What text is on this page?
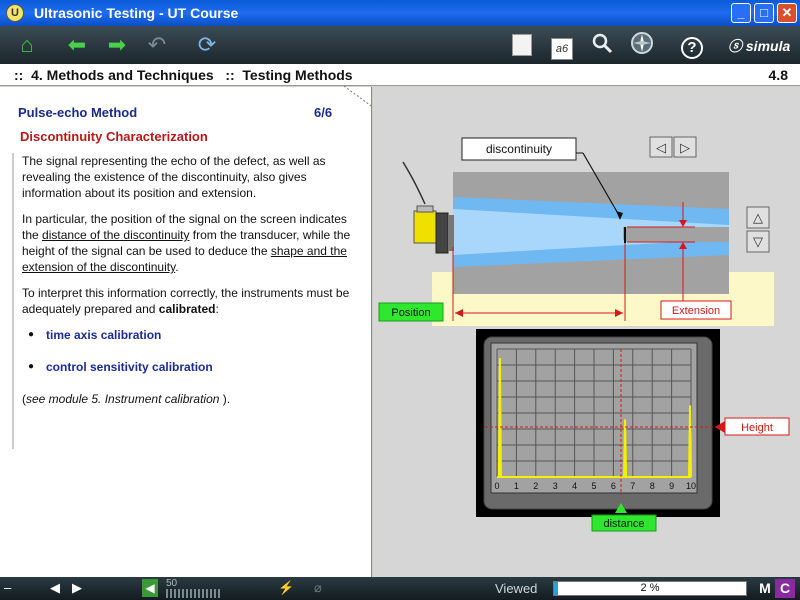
U	Ultrasonic Testing - UT Course	_	□	✕
⌂	⬅ ➡ ↶ ⟳	a6	?	ⓢ simula
::  4. Methods and Techniques   ::  Testing Methods	4.8
Pulse-echo Method	6/6
Discontinuity Characterization

The signal representing the echo of the defect, as well as revealing the existence of the discontinuity, also gives information about its position and extension.

In particular, the position of the signal on the screen indicates the distance of the discontinuity from the transducer, while the height of the signal can be used to deduce the shape and the extension of the discontinuity.

To interpret this information correctly, the instruments must be adequately prepared and calibrated:

● time axis calibration
● control sensitivity calibration

(see module 5. Instrument calibration ).

discontinuity	◁ ▷
△
▽
Extension
Position
0 1 2 3 4 5 6 7 8 9 10
distance
Height
–	◀ ▶	◀	50	⚡ ⌀	Viewed	2 %	M C
